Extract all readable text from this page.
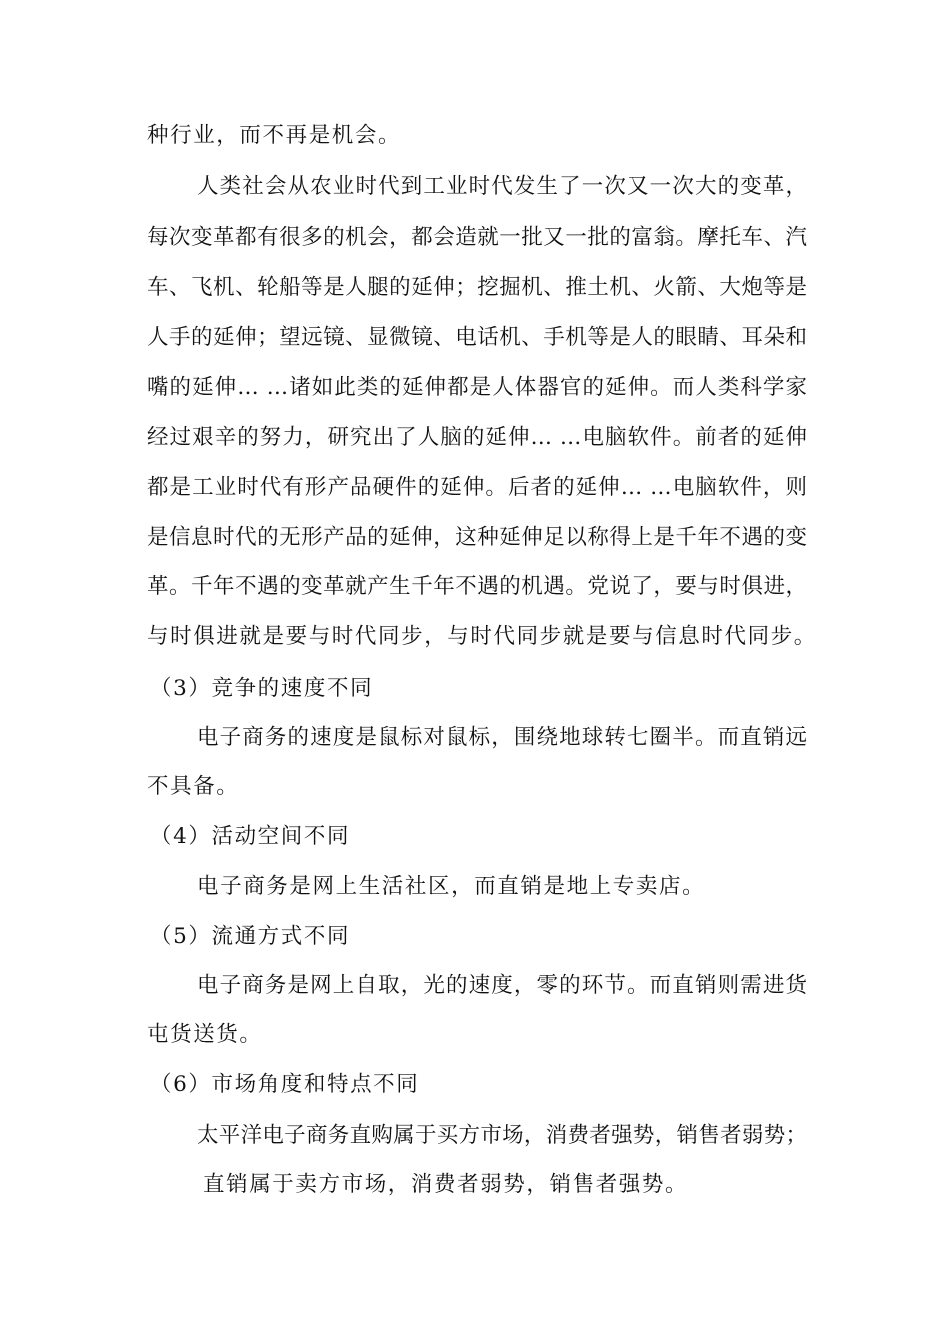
种行业，而不再是机会。
人类社会从农业时代到工业时代发生了一次又一次大的变革，
每次变革都有很多的机会，都会造就一批又一批的富翁。摩托车、汽
车、飞机、轮船等是人腿的延伸；挖掘机、推土机、火箭、大炮等是
人手的延伸；望远镜、显微镜、电话机、手机等是人的眼睛、耳朵和
嘴的延伸… …诸如此类的延伸都是人体器官的延伸。而人类科学家
经过艰辛的努力，研究出了人脑的延伸… …电脑软件。前者的延伸
都是工业时代有形产品硬件的延伸。后者的延伸… …电脑软件，则
是信息时代的无形产品的延伸，这种延伸足以称得上是千年不遇的变
革。千年不遇的变革就产生千年不遇的机遇。党说了，要与时俱进，
与时俱进就是要与时代同步，与时代同步就是要与信息时代同步。
（3）竞争的速度不同
电子商务的速度是鼠标对鼠标，围绕地球转七圈半。而直销远
不具备。
（4）活动空间不同
电子商务是网上生活社区，而直销是地上专卖店。
（5）流通方式不同
电子商务是网上自取，光的速度，零的环节。而直销则需进货
屯货送货。
（6）市场角度和特点不同
太平洋电子商务直购属于买方市场，消费者强势，销售者弱势；
直销属于卖方市场，消费者弱势，销售者强势。
